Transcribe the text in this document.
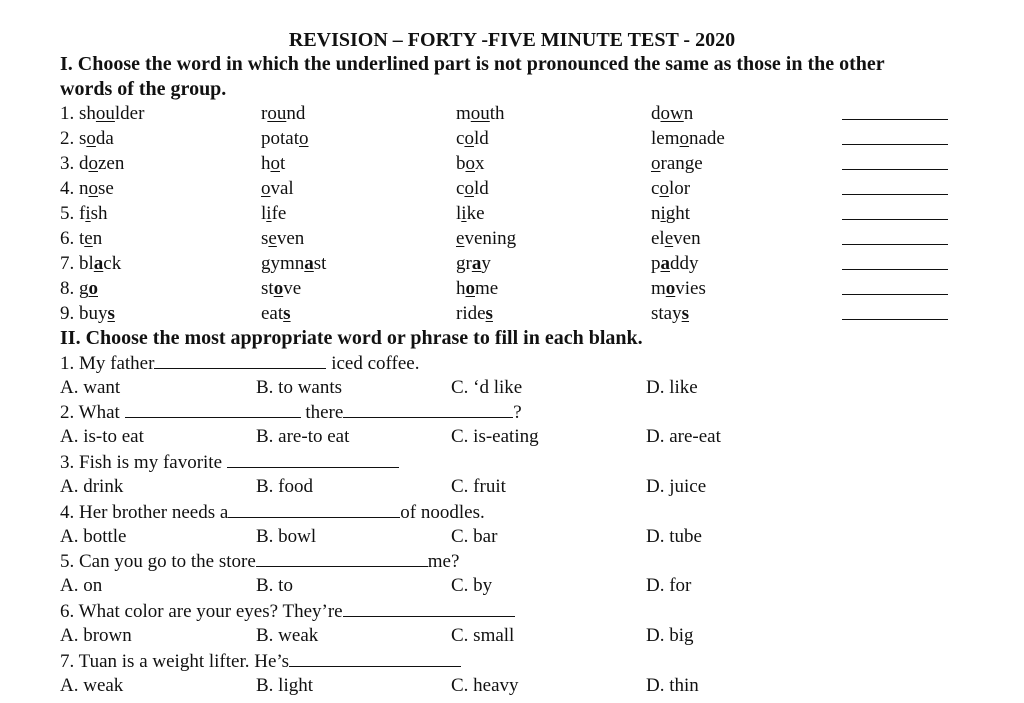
REVISION – FORTY -FIVE MINUTE TEST - 2020
I. Choose the word in which the underlined part is not pronounced the same as those in the other
words of the group.
1. shoulder	round	mouth	down
2. soda	potato	cold	lemonade
3. dozen	hot	box	orange
4. nose	oval	cold	color
5. fish	life	like	night
6. ten	seven	evening	eleven
7. black	gymnast	gray	paddy
8. go	stove	home	movies
9. buys	eats	rides	stays
II. Choose the most appropriate word or phrase to fill in each blank.
1. My father	iced coffee.
A. want	B. to wants	C. ‘d like	D. like
2. What	there	?
A. is-to eat	B. are-to eat	C. is-eating	D. are-eat
3. Fish is my favorite
A. drink	B. food	C. fruit	D. juice
4. Her brother needs a	of noodles.
A. bottle	B. bowl	C. bar	D. tube
5. Can you go to the store	me?
A. on	B. to	C. by	D. for
6. What color are your eyes? They’re
A. brown	B. weak	C. small	D. big
7. Tuan is a weight lifter. He’s
A. weak	B. light	C. heavy	D. thin
